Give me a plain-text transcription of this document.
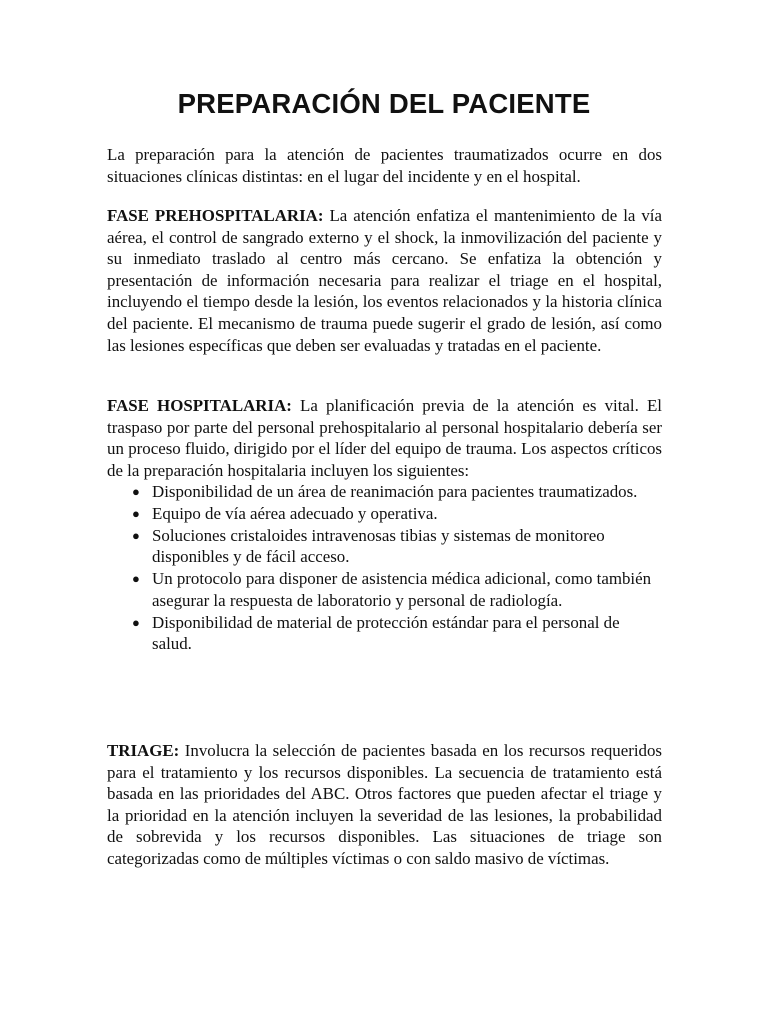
PREPARACIÓN DEL PACIENTE

La preparación para la atención de pacientes traumatizados ocurre en dos situaciones clínicas distintas: en el lugar del incidente y en el hospital.

FASE PREHOSPITALARIA: La atención enfatiza el mantenimiento de la vía aérea, el control de sangrado externo y el shock, la inmovilización del paciente y su inmediato traslado al centro más cercano. Se enfatiza la obtención y presentación de información necesaria para realizar el triage en el hospital, incluyendo el tiempo desde la lesión, los eventos relacionados y la historia clínica del paciente. El mecanismo de trauma puede sugerir el grado de lesión, así como las lesiones específicas que deben ser evaluadas y tratadas en el paciente.

FASE HOSPITALARIA: La planificación previa de la atención es vital. El traspaso por parte del personal prehospitalario al personal hospitalario debería ser un proceso fluido, dirigido por el líder del equipo de trauma. Los aspectos críticos de la preparación hospitalaria incluyen los siguientes:

● Disponibilidad de un área de reanimación para pacientes traumatizados.
● Equipo de vía aérea adecuado y operativa.
● Soluciones cristaloides intravenosas tibias y sistemas de monitoreo disponibles y de fácil acceso.
● Un protocolo para disponer de asistencia médica adicional, como también asegurar la respuesta de laboratorio y personal de radiología.
● Disponibilidad de material de protección estándar para el personal de salud.

TRIAGE: Involucra la selección de pacientes basada en los recursos requeridos para el tratamiento y los recursos disponibles. La secuencia de tratamiento está basada en las prioridades del ABC. Otros factores que pueden afectar el triage y la prioridad en la atención incluyen la severidad de las lesiones, la probabilidad de sobrevida y los recursos disponibles. Las situaciones de triage son categorizadas como de múltiples víctimas o con saldo masivo de víctimas.
